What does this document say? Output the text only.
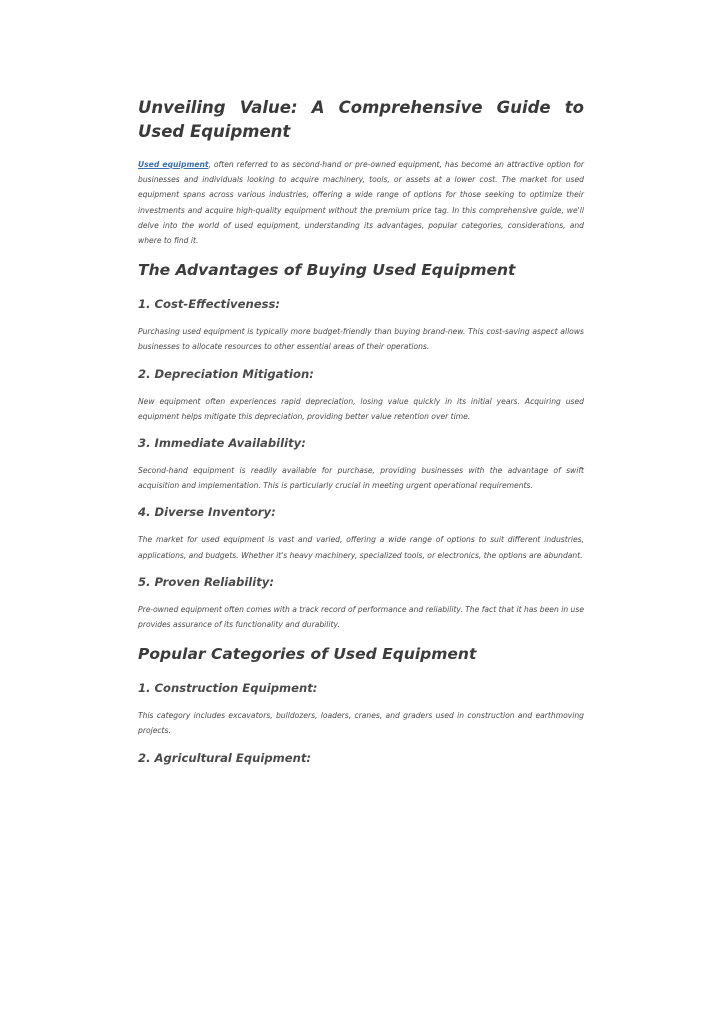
Unveiling Value: A Comprehensive Guide to Used Equipment

Used equipment, often referred to as second-hand or pre-owned equipment, has become an attractive option for businesses and individuals looking to acquire machinery, tools, or assets at a lower cost. The market for used equipment spans across various industries, offering a wide range of options for those seeking to optimize their investments and acquire high-quality equipment without the premium price tag. In this comprehensive guide, we'll delve into the world of used equipment, understanding its advantages, popular categories, considerations, and where to find it.

The Advantages of Buying Used Equipment
1. Cost-Effectiveness:

Purchasing used equipment is typically more budget-friendly than buying brand-new. This cost-saving aspect allows businesses to allocate resources to other essential areas of their operations.

2. Depreciation Mitigation:

New equipment often experiences rapid depreciation, losing value quickly in its initial years. Acquiring used equipment helps mitigate this depreciation, providing better value retention over time.

3. Immediate Availability:

Second-hand equipment is readily available for purchase, providing businesses with the advantage of swift acquisition and implementation. This is particularly crucial in meeting urgent operational requirements.

4. Diverse Inventory:

The market for used equipment is vast and varied, offering a wide range of options to suit different industries, applications, and budgets. Whether it's heavy machinery, specialized tools, or electronics, the options are abundant.

5. Proven Reliability:

Pre-owned equipment often comes with a track record of performance and reliability. The fact that it has been in use provides assurance of its functionality and durability.

Popular Categories of Used Equipment
1. Construction Equipment:

This category includes excavators, bulldozers, loaders, cranes, and graders used in construction and earthmoving projects.

2. Agricultural Equipment:
